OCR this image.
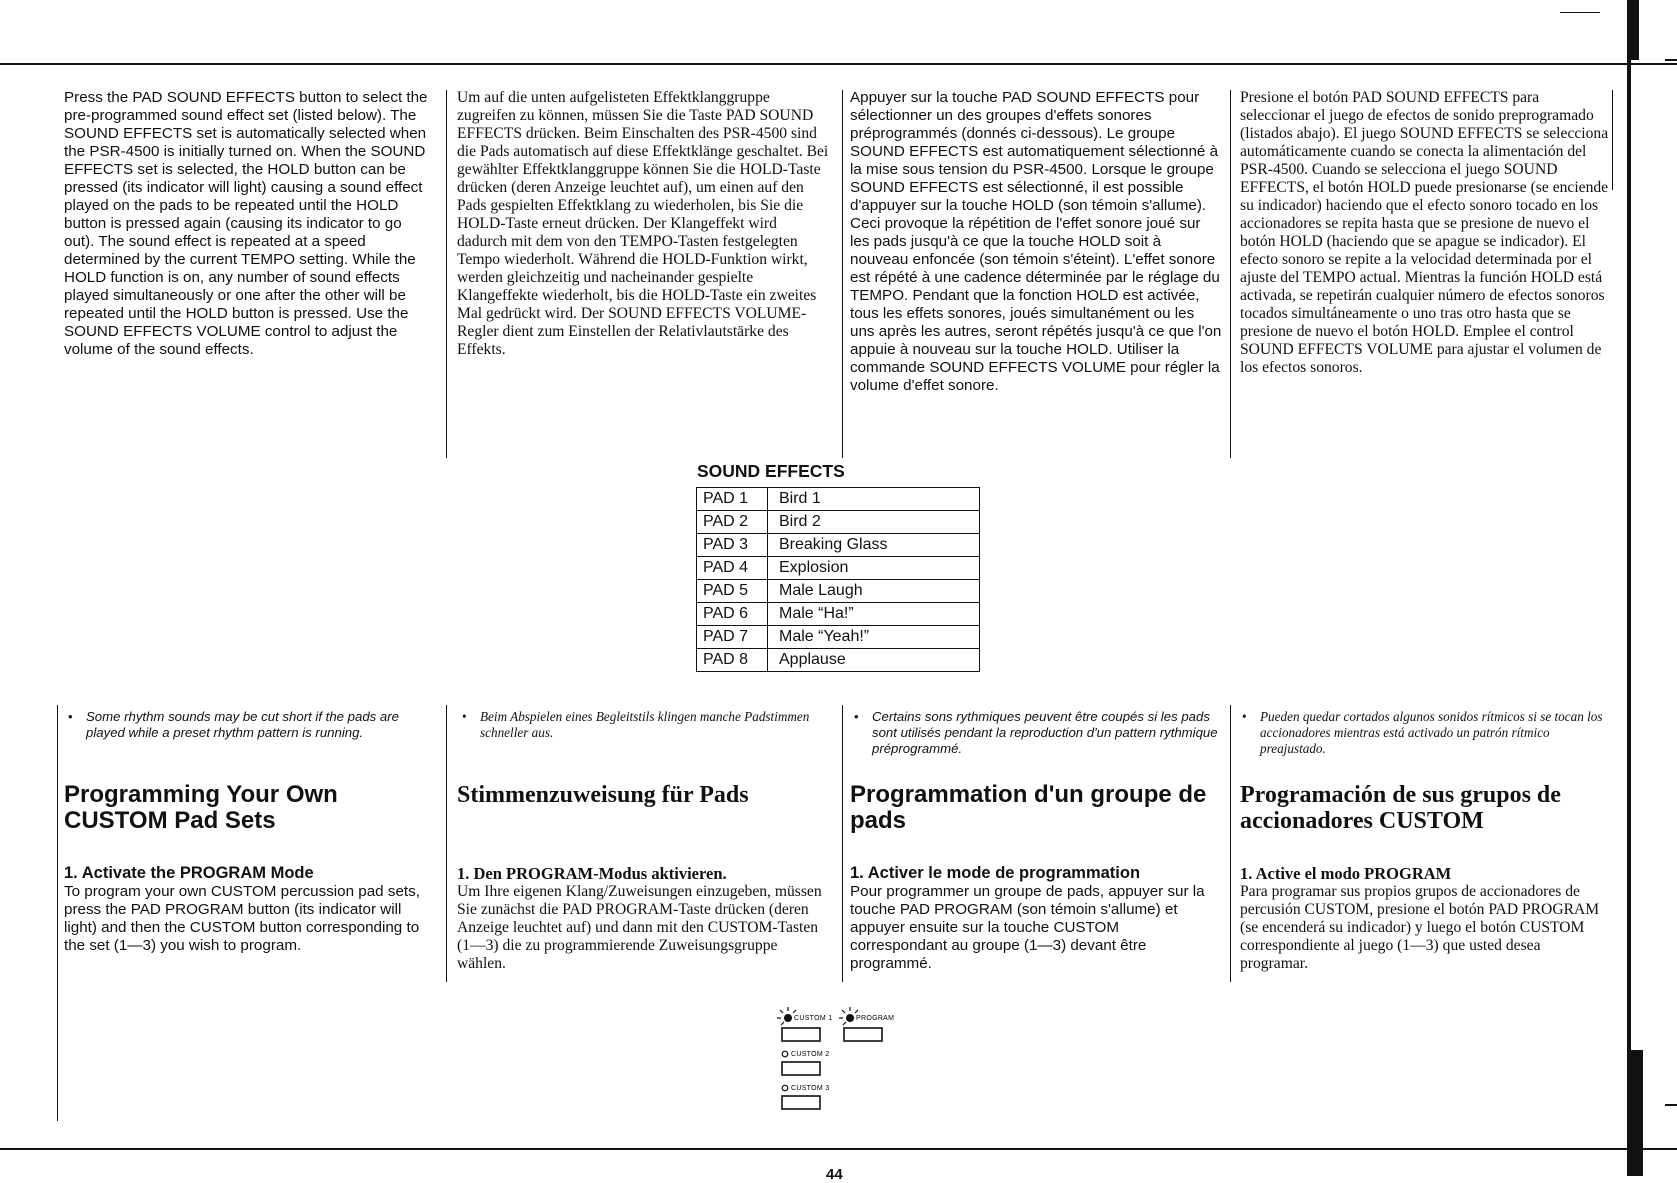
Press the PAD SOUND EFFECTS button to select the pre-programmed sound effect set (listed below). The SOUND EFFECTS set is automatically selected when the PSR-4500 is initially turned on. When the SOUND EFFECTS set is selected, the HOLD button can be pressed (its indicator will light) causing a sound effect played on the pads to be repeated until the HOLD button is pressed again (causing its indicator to go out). The sound effect is repeated at a speed determined by the current TEMPO setting. While the HOLD function is on, any number of sound effects played simultaneously or one after the other will be repeated until the HOLD button is pressed. Use the SOUND EFFECTS VOLUME control to adjust the volume of the sound effects.

Um auf die unten aufgelisteten Effektklanggruppe zugreifen zu können, müssen Sie die Taste PAD SOUND EFFECTS drücken. Beim Einschalten des PSR-4500 sind die Pads automatisch auf diese Effektklänge geschaltet. Bei gewählter Effektklanggruppe können Sie die HOLD-Taste drücken (deren Anzeige leuchtet auf), um einen auf den Pads gespielten Effektklang zu wiederholen, bis Sie die HOLD-Taste erneut drücken. Der Klangeffekt wird dadurch mit dem von den TEMPO-Tasten festgelegten Tempo wiederholt. Während die HOLD-Funktion wirkt, werden gleichzeitig und nacheinander gespielte Klangeffekte wiederholt, bis die HOLD-Taste ein zweites Mal gedrückt wird. Der SOUND EFFECTS VOLUME-Regler dient zum Einstellen der Relativlautstärke des Effekts.

Appuyer sur la touche PAD SOUND EFFECTS pour sélectionner un des groupes d'effets sonores préprogrammés (donnés ci-dessous). Le groupe SOUND EFFECTS est automatiquement sélectionné à la mise sous tension du PSR-4500. Lorsque le groupe SOUND EFFECTS est sélectionné, il est possible d'appuyer sur la touche HOLD (son témoin s'allume). Ceci provoque la répétition de l'effet sonore joué sur les pads jusqu'à ce que la touche HOLD soit à nouveau enfoncée (son témoin s'éteint). L'effet sonore est répété à une cadence déterminée par le réglage du TEMPO. Pendant que la fonction HOLD est activée, tous les effets sonores, joués simultanément ou les uns après les autres, seront répétés jusqu'à ce que l'on appuie à nouveau sur la touche HOLD. Utiliser la commande SOUND EFFECTS VOLUME pour régler la volume d'effet sonore.

Presione el botón PAD SOUND EFFECTS para seleccionar el juego de efectos de sonido preprogramado (listados abajo). El juego SOUND EFFECTS se selecciona automáticamente cuando se conecta la alimentación del PSR-4500. Cuando se selecciona el juego SOUND EFFECTS, el botón HOLD puede presionarse (se enciende su indicador) haciendo que el efecto sonoro tocado en los accionadores se repita hasta que se presione de nuevo el botón HOLD (haciendo que se apague se indicador). El efecto sonoro se repite a la velocidad determinada por el ajuste del TEMPO actual. Mientras la función HOLD está activada, se repetirán cualquier número de efectos sonoros tocados simultáneamente o uno tras otro hasta que se presione de nuevo el botón HOLD. Emplee el control SOUND EFFECTS VOLUME para ajustar el volumen de los efectos sonoros.

SOUND EFFECTS
PAD 1	Bird 1
PAD 2	Bird 2
PAD 3	Breaking Glass
PAD 4	Explosion
PAD 5	Male Laugh
PAD 6	Male “Ha!”
PAD 7	Male “Yeah!”
PAD 8	Applause

• Some rhythm sounds may be cut short if the pads are played while a preset rhythm pattern is running.

• Beim Abspielen eines Begleitstils klingen manche Padstimmen schneller aus.

• Certains sons rythmiques peuvent être coupés si les pads sont utilisés pendant la reproduction d'un pattern rythmique préprogrammé.

• Pueden quedar cortados algunos sonidos rítmicos si se tocan los accionadores mientras está activado un patrón rítmico preajustado.

Programming Your Own CUSTOM Pad Sets
Stimmenzuweisung für Pads	Programmation d'un groupe de pads
Programación de sus grupos de accionadores CUSTOM
1. Activate the PROGRAM Mode

To program your own CUSTOM percussion pad sets, press the PAD PROGRAM button (its indicator will light) and then the CUSTOM button corresponding to the set (1—3) you wish to program.

1. Den PROGRAM-Modus aktivieren.

Um Ihre eigenen Klang/Zuweisungen einzugeben, müssen Sie zunächst die PAD PROGRAM-Taste drücken (deren Anzeige leuchtet auf) und dann mit den CUSTOM-Tasten (1—3) die zu programmierende Zuweisungsgruppe wählen.

1. Activer le mode de programmation

Pour programmer un groupe de pads, appuyer sur la touche PAD PROGRAM (son témoin s'allume) et appuyer ensuite sur la touche CUSTOM correspondant au groupe (1—3) devant être programmé.

1. Active el modo PROGRAM

Para programar sus propios grupos de accionadores de percusión CUSTOM, presione el botón PAD PROGRAM (se encenderá su indicador) y luego el botón CUSTOM correspondiente al juego (1—3) que usted desea programar.

CUSTOM 1	PROGRAM
CUSTOM 2
CUSTOM 3
44
